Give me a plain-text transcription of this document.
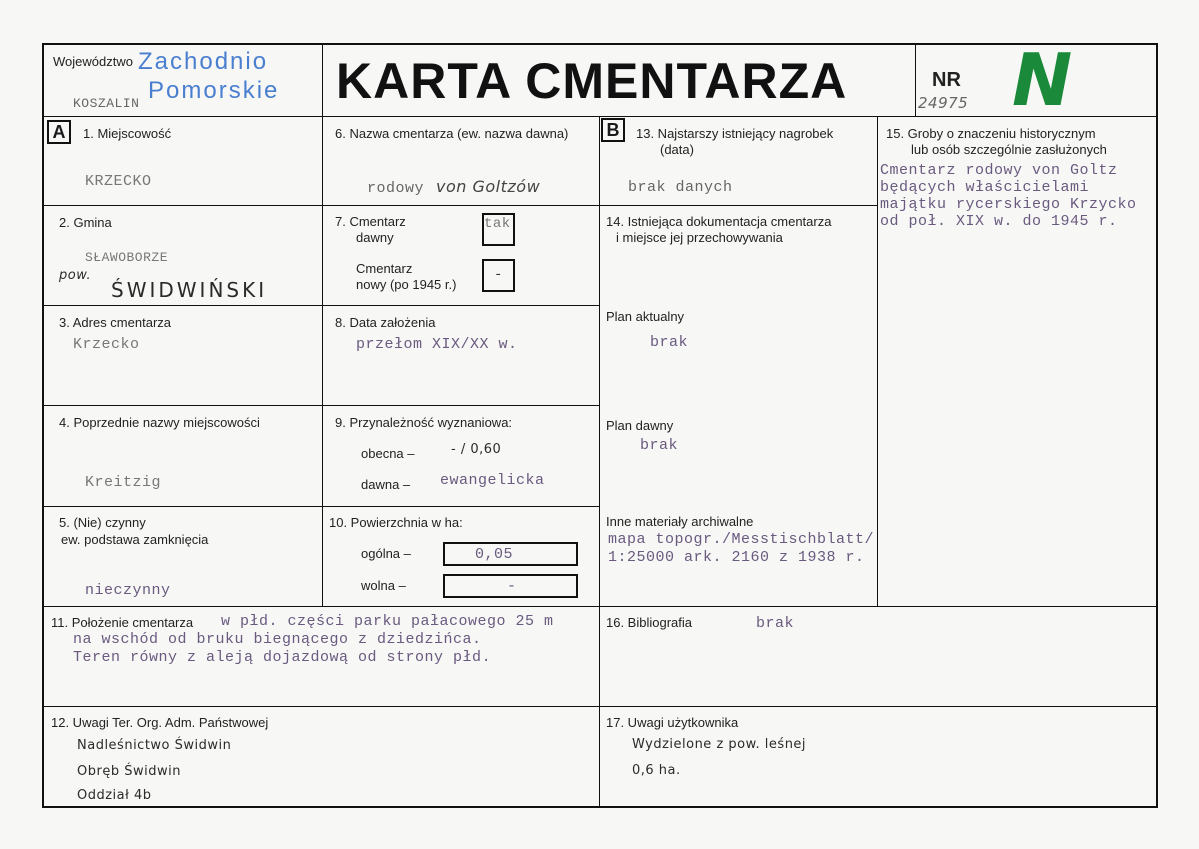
Województwo
KOSZALIN
Zachodnio
Pomorskie KARTA CMENTARZA	NR
24975 N
1. Miejscowość
KRZECKO
A
2. Gmina
SŁAWOBORZE
pow.
ŚWIDWIŃSKI
3. Adres cmentarza
Krzecko
4. Poprzednie nazwy miejscowości
Kreitzig
5. (Nie) czynny
ew. podstawa zamknięcia
nieczynny
6. Nazwa cmentarza (ew. nazwa dawna)
rodowy von Goltzów
7. Cmentarz
dawny
tak
Cmentarz
nowy (po 1945 r.)
-
8. Data założenia
przełom XIX/XX w.
9. Przynależność wyznaniowa:
obecna –	- / 0,60
dawna – ewangelicka
10. Powierzchnia w ha:
ogólna –	0,05
wolna –	-
13. Najstarszy istniejący nagrobek
(data)
brak danych
B
14. Istniejąca dokumentacja cmentarza
i miejsce jej przechowywania
Plan aktualny
brak
Plan dawny
brak
Inne materiały archiwalne
mapa topogr./Messtischblatt/
1:25000 ark. 2160 z 1938 r.
15. Groby o znaczeniu historycznym
lub osób szczególnie zasłużonych
Cmentarz rodowy von Goltz
będących właścicielami
majątku rycerskiego Krzycko
od poł. XIX w. do 1945 r.
11. Położenie cmentarza w płd. części parku pałacowego 25 m
na wschód od bruku biegnącego z dziedzińca.
Teren równy z aleją dojazdową od strony płd.
16. Bibliografia	brak
12. Uwagi Ter. Org. Adm. Państwowej
Nadleśnictwo Świdwin
Obręb Świdwin
Oddział 4b
17. Uwagi użytkownika
Wydzielone z pow. leśnej
0,6 ha.
